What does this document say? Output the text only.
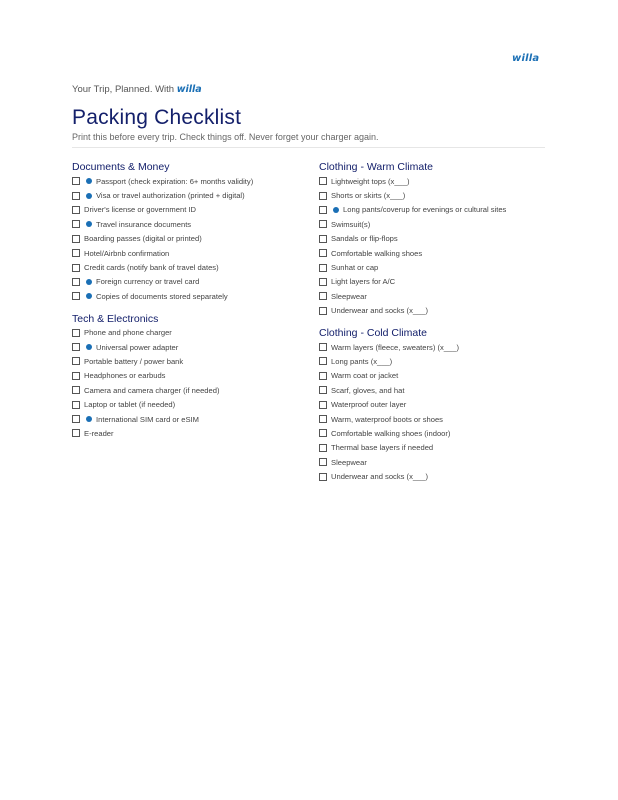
willa
Your Trip, Planned. With willa
Packing Checklist
Print this before every trip. Check things off. Never forget your charger again.
Documents & Money
Passport (check expiration: 6+ months validity)
Visa or travel authorization (printed + digital)
Driver's license or government ID
Travel insurance documents
Boarding passes (digital or printed)
Hotel/Airbnb confirmation
Credit cards (notify bank of travel dates)
Foreign currency or travel card
Copies of documents stored separately
Tech & Electronics
Phone and phone charger
Universal power adapter
Portable battery / power bank
Headphones or earbuds
Camera and camera charger (if needed)
Laptop or tablet (if needed)
International SIM card or eSIM
E-reader
Clothing - Warm Climate
Lightweight tops (x___)
Shorts or skirts (x___)
Long pants/coverup for evenings or cultural sites
Swimsuit(s)
Sandals or flip-flops
Comfortable walking shoes
Sunhat or cap
Light layers for A/C
Sleepwear
Underwear and socks (x___)
Clothing - Cold Climate
Warm layers (fleece, sweaters) (x___)
Long pants (x___)
Warm coat or jacket
Scarf, gloves, and hat
Waterproof outer layer
Warm, waterproof boots or shoes
Comfortable walking shoes (indoor)
Thermal base layers if needed
Sleepwear
Underwear and socks (x___)
